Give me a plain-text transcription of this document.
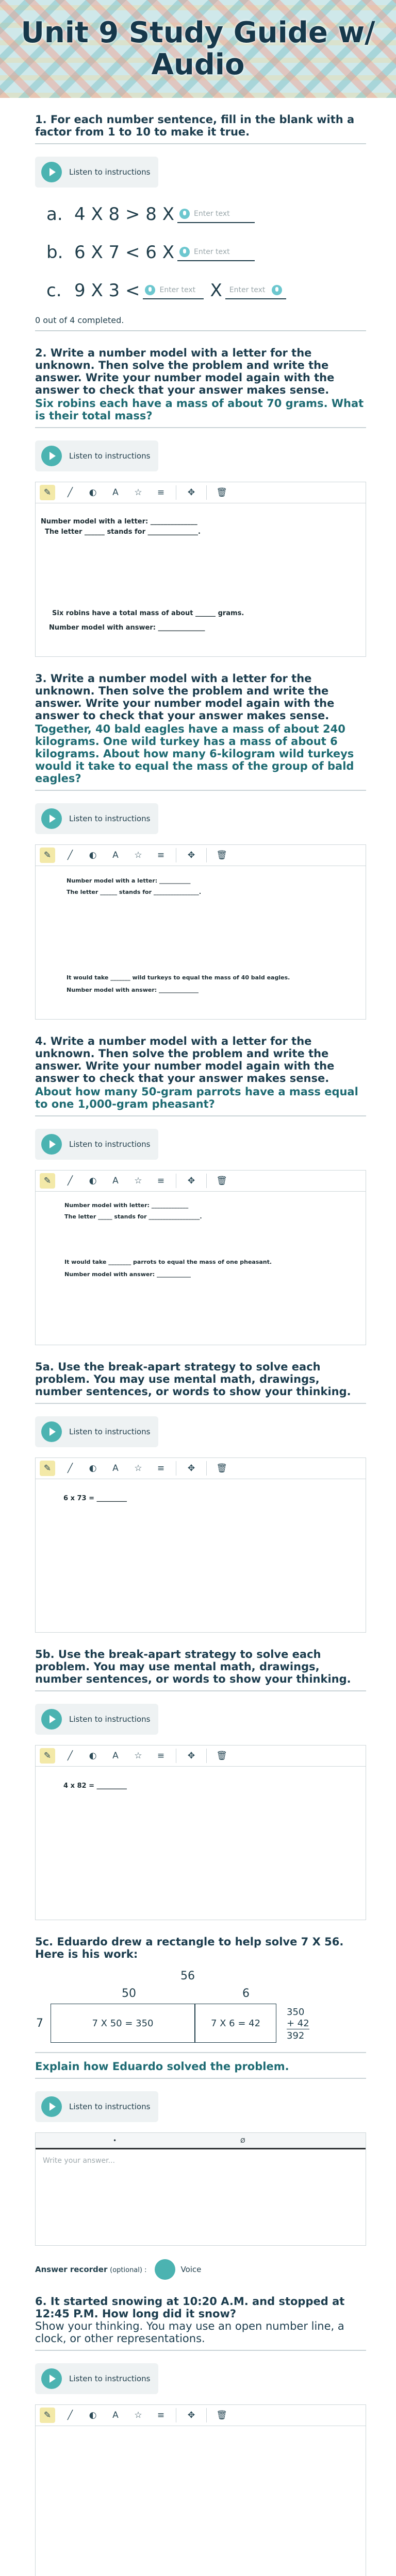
Unit 9 Study Guide w/ Audio
1. For each number sentence, fill in the blank with a factor from 1 to 10 to make it true.
Listen to instructions
a. 4 X 8 > 8 X	Enter text
b. 6 X 7 < 6 X	Enter text
c. 9 X 3 <	Enter text X Enter text
0 out of 4 completed.
2. Write a number model with a letter for the unknown. Then solve the problem and write the answer. Write your number model again with the answer to check that your answer makes sense.
Six robins each have a mass of about 70 grams. What is their total mass?
Listen to instructions
✎	╱	◐	A	☆	≡	✥	🗑
Number model with a letter: ______________
The letter ______ stands for _______________.
Six robins have a total mass of about ______ grams.
Number model with answer: ______________
3. Write a number model with a letter for the unknown. Then solve the problem and write the answer. Write your number model again with the answer to check that your answer makes sense.
Together, 40 bald eagles have a mass of about 240 kilograms. One wild turkey has a mass of about 6 kilograms. About how many 6-kilogram wild turkeys would it take to equal the mass of the group of bald eagles?
Listen to instructions
✎	╱	◐	A	☆	≡	✥	🗑
Number model with a letter: ___________
The letter ______ stands for ________________.
It would take _______ wild turkeys to equal the mass of 40 bald eagles.
Number model with answer: ______________
4. Write a number model with a letter for the unknown. Then solve the problem and write the answer. Write your number model again with the answer to check that your answer makes sense.
About how many 50-gram parrots have a mass equal to one 1,000-gram pheasant?
Listen to instructions
✎	╱	◐	A	☆	≡	✥	🗑
Number model with letter: _____________
The letter _____ stands for __________________.
It would take ________ parrots to equal the mass of one pheasant.
Number model with answer: ____________
5a. Use the break-apart strategy to solve each problem. You may use mental math, drawings, number sentences, or words to show your thinking.
Listen to instructions
✎	╱	◐	A	☆	≡	✥	🗑
6 x 73 = _________
5b. Use the break-apart strategy to solve each problem. You may use mental math, drawings, number sentences, or words to show your thinking.
Listen to instructions
✎	╱	◐	A	☆	≡	✥	🗑
4 x 82 = _________
5c. Eduardo drew a rectangle to help solve 7 X 56. Here is his work:
56
50	6
7	7 X 50 = 350	7 X 6 = 42
350
+ 42
392
Explain how Eduardo solved the problem.
Listen to instructions
•	Ø
Write your answer...
Answer recorder (optional) :	Voice
6. It started snowing at 10:20 A.M. and stopped at 12:45 P.M. How long did it snow?
Show your thinking. You may use an open number line, a clock, or other representations.
Listen to instructions
✎	╱	◐	A	☆	≡	✥	🗑
